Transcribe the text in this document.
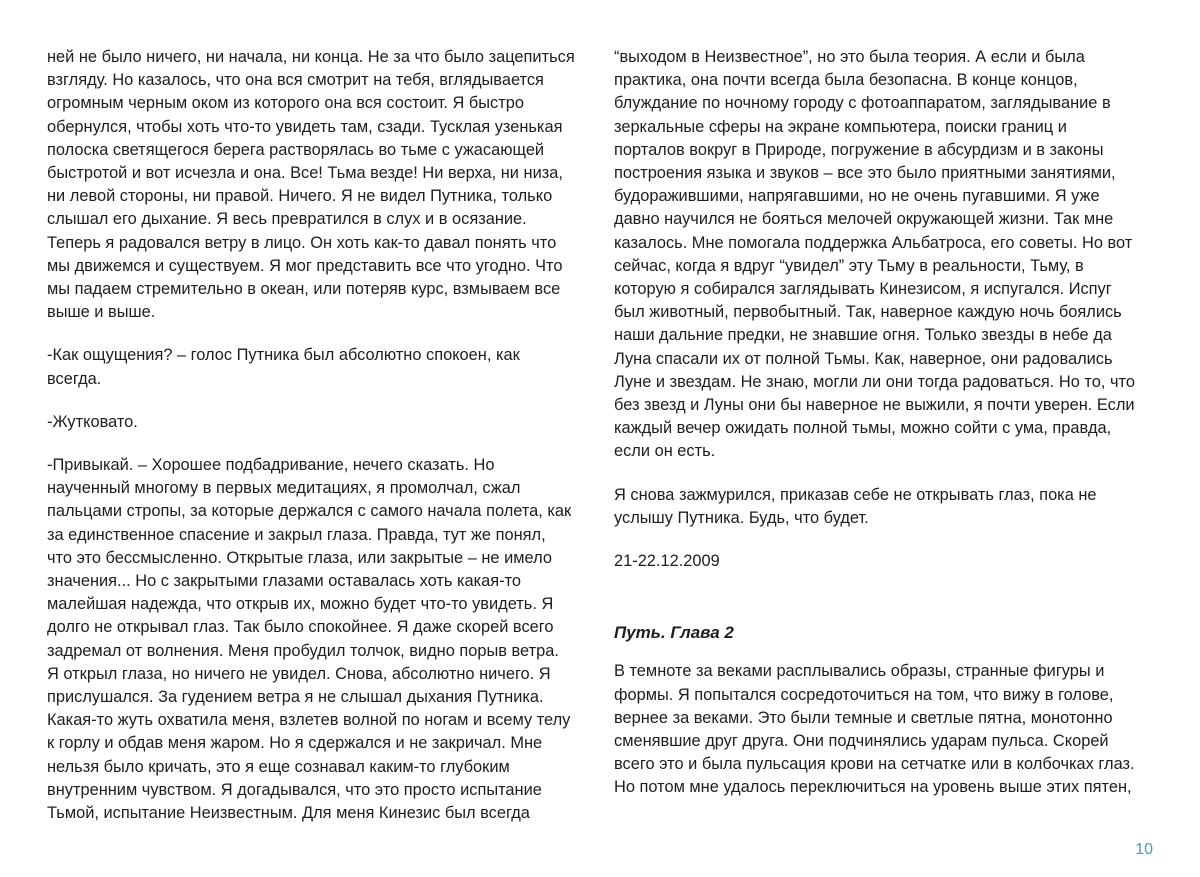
ней не было ничего, ни начала, ни конца. Не за что было зацепиться
взгляду. Но казалось, что она вся смотрит на тебя, вглядывается
огромным черным оком из которого она вся состоит. Я быстро
обернулся, чтобы хоть что-то увидеть там, сзади. Тусклая узенькая
полоска светящегося берега растворялась во тьме с ужасающей
быстротой и вот исчезла и она. Все! Тьма везде! Ни верха, ни низа,
ни левой стороны, ни правой. Ничего. Я не видел Путника, только
слышал его дыхание. Я весь превратился в слух и в осязание.
Теперь я радовался ветру в лицо. Он хоть как-то давал понять что
мы движемся и существуем. Я мог представить все что угодно. Что
мы падаем стремительно в океан, или потеряв курс, взмываем все
выше и выше.

-Как ощущения? – голос Путника был абсолютно спокоен, как
всегда.

-Жутковато.

-Привыкай. – Хорошее подбадривание, нечего сказать. Но
наученный многому в первых медитациях, я промолчал, сжал
пальцами стропы, за которые держался с самого начала полета, как
за единственное спасение и закрыл глаза. Правда, тут же понял,
что это бессмысленно. Открытые глаза, или закрытые – не имело
значения... Но с закрытыми глазами оставалась хоть какая-то
малейшая надежда, что открыв их, можно будет что-то увидеть. Я
долго не открывал глаз. Так было спокойнее. Я даже скорей всего
задремал от волнения. Меня пробудил толчок, видно порыв ветра.
Я открыл глаза, но ничего не увидел. Снова, абсолютно ничего. Я
прислушался. За гудением ветра я не слышал дыхания Путника.
Какая-то жуть охватила меня, взлетев волной по ногам и всему телу
к горлу и обдав меня жаром. Но я сдержался и не закричал. Мне
нельзя было кричать, это я еще сознавал каким-то глубоким
внутренним чувством. Я догадывался, что это просто испытание
Тьмой, испытание Неизвестным. Для меня Кинезис был всегда

“выходом в Неизвестное”, но это была теория. А если и была
практика, она почти всегда была безопасна. В конце концов,
блуждание по ночному городу с фотоаппаратом, заглядывание в
зеркальные сферы на экране компьютера, поиски границ и
порталов вокруг в Природе, погружение в абсурдизм и в законы
построения языка и звуков – все это было приятными занятиями,
будоражившими, напрягавшими, но не очень пугавшими. Я уже
давно научился не бояться мелочей окружающей жизни. Так мне
казалось. Мне помогала поддержка Альбатроса, его советы. Но вот
сейчас, когда я вдруг “увидел” эту Тьму в реальности, Тьму, в
которую я собирался заглядывать Кинезисом, я испугался. Испуг
был животный, первобытный. Так, наверное каждую ночь боялись
наши дальние предки, не знавшие огня. Только звезды в небе да
Луна спасали их от полной Тьмы. Как, наверное, они радовались
Луне и звездам. Не знаю, могли ли они тогда радоваться. Но то, что
без звезд и Луны они бы наверное не выжили, я почти уверен. Если
каждый вечер ожидать полной тьмы, можно сойти с ума, правда,
если он есть.

Я снова зажмурился, приказав себе не открывать глаз, пока не
услышу Путника. Будь, что будет.

21-22.12.2009

Путь. Глава 2

В темноте за веками расплывались образы, странные фигуры и
формы. Я попытался сосредоточиться на том, что вижу в голове,
вернее за веками. Это были темные и светлые пятна, монотонно
сменявшие друг друга. Они подчинялись ударам пульса. Скорей
всего это и была пульсация крови на сетчатке или в колбочках глаз.
Но потом мне удалось переключиться на уровень выше этих пятен,

10
